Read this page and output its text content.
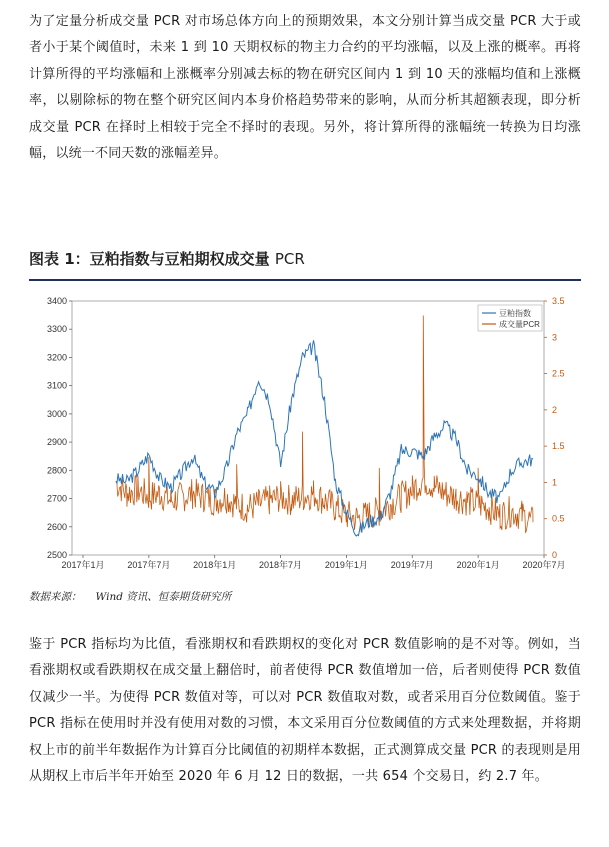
为了定量分析成交量 PCR 对市场总体方向上的预期效果，本文分别计算当成交量 PCR 大于或者小于某个阈值时，未来 1 到 10 天期权标的物主力合约的平均涨幅，以及上涨的概率。再将计算所得的平均涨幅和上涨概率分别减去标的物在研究区间内 1 到 10 天的涨幅均值和上涨概率，以剔除标的物在整个研究区间内本身价格趋势带来的影响，从而分析其超额表现，即分析成交量 PCR 在择时上相较于完全不择时的表现。另外，将计算所得的涨幅统一转换为日均涨幅，以统一不同天数的涨幅差异。
图表 1：豆粕指数与豆粕期权成交量 PCR
2500
2600
2700
2800
2900
3000
3100
3200
3300
3400
0
0.5
1
1.5
2
2.5
3
3.5
2017年1月	2017年7月	2018年1月	2018年7月	2019年1月	2019年7月	2020年1月	2020年7月
豆粕指数
成交量PCR
数据来源： Wind 资讯、恒泰期货研究所
鉴于 PCR 指标均为比值，看涨期权和看跌期权的变化对 PCR 数值影响的是不对等。例如，当看涨期权或看跌期权在成交量上翻倍时，前者使得 PCR 数值增加一倍，后者则使得 PCR 数值仅减少一半。为使得 PCR 数值对等，可以对 PCR 数值取对数，或者采用百分位数阈值。鉴于 PCR 指标在使用时并没有使用对数的习惯，本文采用百分位数阈值的方式来处理数据，并将期权上市的前半年数据作为计算百分比阈值的初期样本数据，正式测算成交量 PCR 的表现则是用从期权上市后半年开始至 2020 年 6 月 12 日的数据，一共 654 个交易日，约 2.7 年。
